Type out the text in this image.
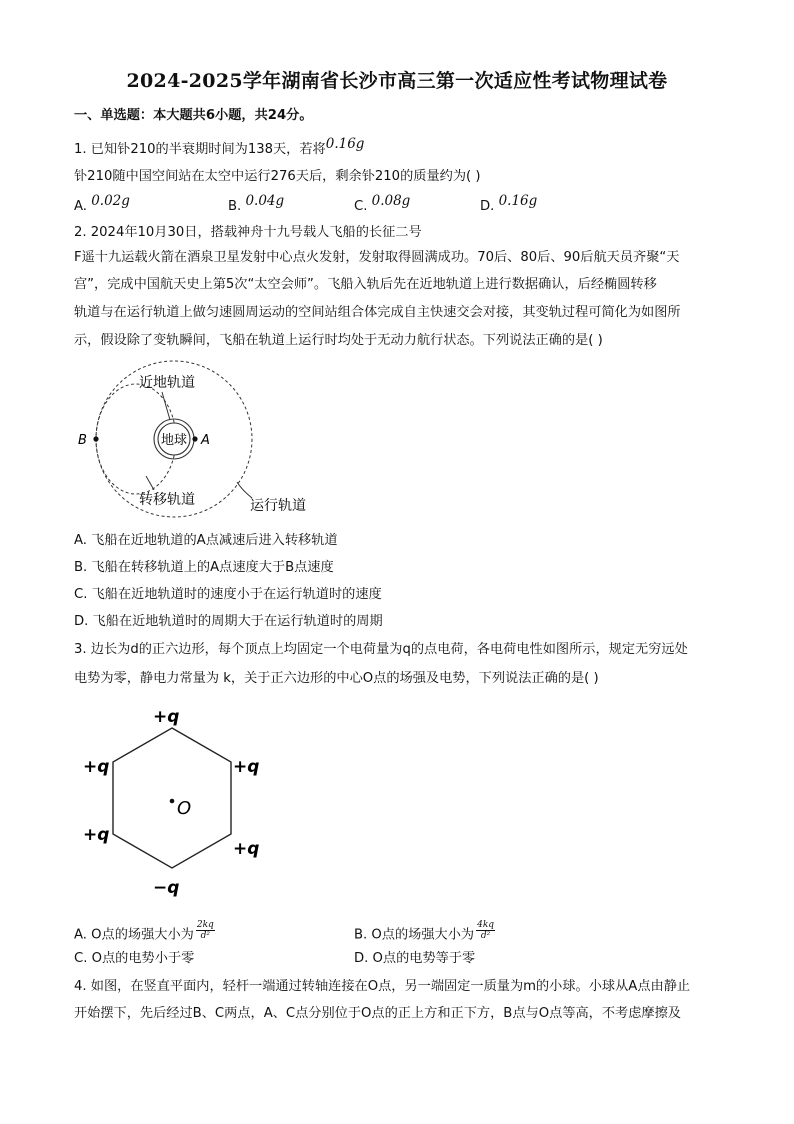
2024-2025学年湖南省长沙市高三第一次适应性考试物理试卷
一、单选题：本大题共6小题，共24分。
1. 已知钋210的半衰期时间为138天，若将0.16g
钋210随中国空间站在太空中运行276天后，剩余钋210的质量约为( )
A. 0.02g	B. 0.04g	C. 0.08g	D. 0.16g
2. 2024年10月30日，搭载神舟十九号载人飞船的长征二号
F遥十九运载火箭在酒泉卫星发射中心点火发射，发射取得圆满成功。70后、80后、90后航天员齐聚“天
宫”，完成中国航天史上第5次“太空会师”。飞船入轨后先在近地轨道上进行数据确认，后经椭圆转移
轨道与在运行轨道上做匀速圆周运动的空间站组合体完成自主快速交会对接，其变轨过程可简化为如图所
示，假设除了变轨瞬间，飞船在轨道上运行时均处于无动力航行状态。下列说法正确的是( )
地球 A
B
近地轨道
转移轨道	运行轨道
A. 飞船在近地轨道的A点减速后进入转移轨道
B. 飞船在转移轨道上的A点速度大于B点速度
C. 飞船在近地轨道时的速度小于在运行轨道时的速度
D. 飞船在近地轨道时的周期大于在运行轨道时的周期
3. 边长为d的正六边形，每个顶点上均固定一个电荷量为q的点电荷，各电荷电性如图所示，规定无穷远处
电势为零，静电力常量为 k，关于正六边形的中心O点的场强及电势，下列说法正确的是( )
O
+q
+q	+q
+q
+q
−q
A. O点的场强大小为 $\frac{2kq}{\text{d²}}$	B. O点的场强大小为 $\frac{4kq}{\text{d²}}$
C. O点的电势小于零	D. O点的电势等于零
4. 如图，在竖直平面内，轻杆一端通过转轴连接在O点，另一端固定一质量为m的小球。小球从A点由静止
开始摆下，先后经过B、C两点，A、C点分别位于O点的正上方和正下方，B点与O点等高，不考虑摩擦及
